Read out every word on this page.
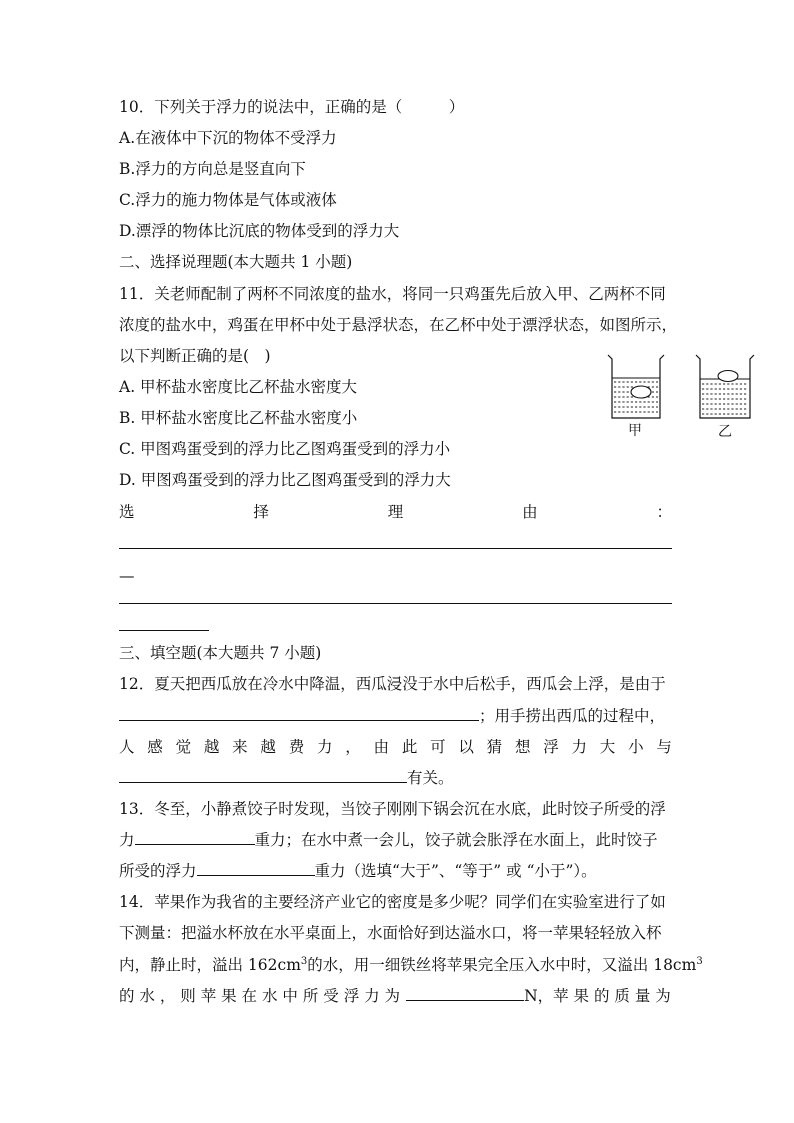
10．下列关于浮力的说法中，正确的是（　　　）
A.在液体中下沉的物体不受浮力
B.浮力的方向总是竖直向下
C.浮力的施力物体是气体或液体
D.漂浮的物体比沉底的物体受到的浮力大
二、选择说理题(本大题共 1 小题)
11．关老师配制了两杯不同浓度的盐水，将同一只鸡蛋先后放入甲、乙两杯不同
浓度的盐水中，鸡蛋在甲杯中处于悬浮状态，在乙杯中处于漂浮状态，如图所示，
以下判断正确的是(　)
A. 甲杯盐水密度比乙杯盐水密度大
B. 甲杯盐水密度比乙杯盐水密度小
C. 甲图鸡蛋受到的浮力比乙图鸡蛋受到的浮力小
D. 甲图鸡蛋受到的浮力比乙图鸡蛋受到的浮力大
甲	乙
选	择	理	由	：
—
三、填空题(本大题共 7 小题)
12．夏天把西瓜放在冷水中降温，西瓜浸没于水中后松手，西瓜会上浮，是由于
；用手捞出西瓜的过程中，
人 感 觉 越 来 越 费 力 ， 由 此 可 以 猜 想 浮 力 大 小 与
有关。
13．冬至，小静煮饺子时发现，当饺子刚刚下锅会沉在水底，此时饺子所受的浮
力	重力；在水中煮一会儿，饺子就会胀浮在水面上，此时饺子
所受的浮力	重力（选填“大于”、“等于” 或 “小于”）。
14．苹果作为我省的主要经济产业它的密度是多少呢？同学们在实验室进行了如
下测量：把溢水杯放在水平桌面上，水面恰好到达溢水口，将一苹果轻轻放入杯
内，静止时，溢出 $162cm^3$的水，用一细铁丝将苹果完全压入水中时，又溢出 $18cm^3$
的 水 ， 则 苹 果 在 水 中 所 受 浮 力 为	N，苹 果 的 质 量 为
